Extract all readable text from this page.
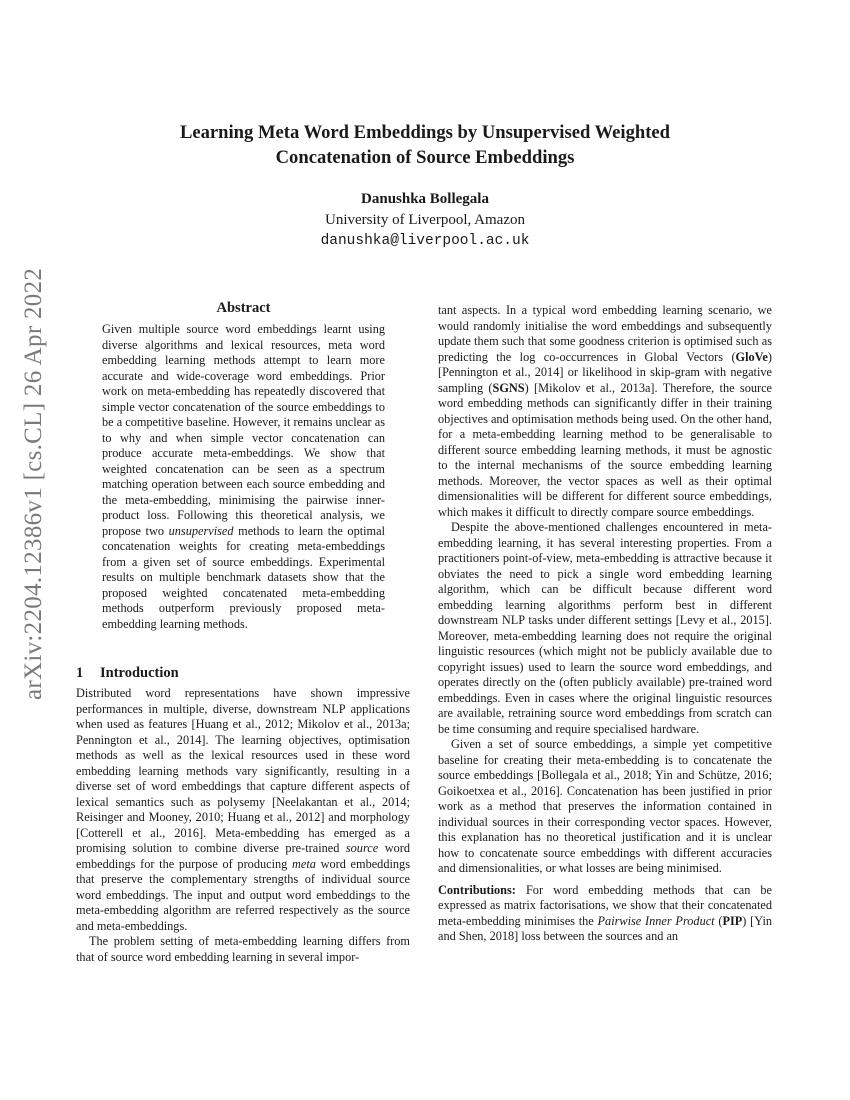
arXiv:2204.12386v1 [cs.CL] 26 Apr 2022
Learning Meta Word Embeddings by Unsupervised Weighted
Concatenation of Source Embeddings
Danushka Bollegala
University of Liverpool, Amazon
danushka@liverpool.ac.uk
Abstract

Given multiple source word embeddings learnt using diverse algorithms and lexical resources, meta word embedding learning methods attempt to learn more accurate and wide-coverage word embeddings. Prior work on meta-embedding has repeatedly discovered that simple vector concatenation of the source embeddings to be a competitive baseline. However, it remains unclear as to why and when simple vector concatenation can produce accurate meta-embeddings. We show that weighted concatenation can be seen as a spectrum matching operation between each source embedding and the meta-embedding, minimising the pairwise inner-product loss. Following this theoretical analysis, we propose two unsupervised methods to learn the optimal concatenation weights for creating meta-embeddings from a given set of source embeddings. Experimental results on multiple benchmark datasets show that the proposed weighted concatenated meta-embedding methods outperform previously proposed meta-embedding learning methods.

1 Introduction

Distributed word representations have shown impressive performances in multiple, diverse, downstream NLP applications when used as features [Huang et al., 2012; Mikolov et al., 2013a; Pennington et al., 2014]. The learning objectives, optimisation methods as well as the lexical resources used in these word embedding learning methods vary significantly, resulting in a diverse set of word embeddings that capture different aspects of lexical semantics such as polysemy [Neelakantan et al., 2014; Reisinger and Mooney, 2010; Huang et al., 2012] and morphology [Cotterell et al., 2016]. Meta-embedding has emerged as a promising solution to combine diverse pre-trained source word embeddings for the purpose of producing meta word embeddings that preserve the complementary strengths of individual source word embeddings. The input and output word embeddings to the meta-embedding algorithm are referred respectively as the source and meta-embeddings.

The problem setting of meta-embedding learning differs from that of source word embedding learning in several impor-

tant aspects. In a typical word embedding learning scenario, we would randomly initialise the word embeddings and subsequently update them such that some goodness criterion is optimised such as predicting the log co-occurrences in Global Vectors (GloVe) [Pennington et al., 2014] or likelihood in skip-gram with negative sampling (SGNS) [Mikolov et al., 2013a]. Therefore, the source word embedding methods can significantly differ in their training objectives and optimisation methods being used. On the other hand, for a meta-embedding learning method to be generalisable to different source embedding learning methods, it must be agnostic to the internal mechanisms of the source embedding learning methods. Moreover, the vector spaces as well as their optimal dimensionalities will be different for different source embeddings, which makes it difficult to directly compare source embeddings.

Despite the above-mentioned challenges encountered in meta-embedding learning, it has several interesting properties. From a practitioners point-of-view, meta-embedding is attractive because it obviates the need to pick a single word embedding learning algorithm, which can be difficult because different word embedding learning algorithms perform best in different downstream NLP tasks under different settings [Levy et al., 2015]. Moreover, meta-embedding learning does not require the original linguistic resources (which might not be publicly available due to copyright issues) used to learn the source word embeddings, and operates directly on the (often publicly available) pre-trained word embeddings. Even in cases where the original linguistic resources are available, retraining source word embeddings from scratch can be time consuming and require specialised hardware.

Given a set of source embeddings, a simple yet competitive baseline for creating their meta-embedding is to concatenate the source embeddings [Bollegala et al., 2018; Yin and Schütze, 2016; Goikoetxea et al., 2016]. Concatenation has been justified in prior work as a method that preserves the information contained in individual sources in their corresponding vector spaces. However, this explanation has no theoretical justification and it is unclear how to concatenate source embeddings with different accuracies and dimensionalities, or what losses are being minimised.

Contributions: For word embedding methods that can be expressed as matrix factorisations, we show that their concatenated meta-embedding minimises the Pairwise Inner Product (PIP) [Yin and Shen, 2018] loss between the sources and an
